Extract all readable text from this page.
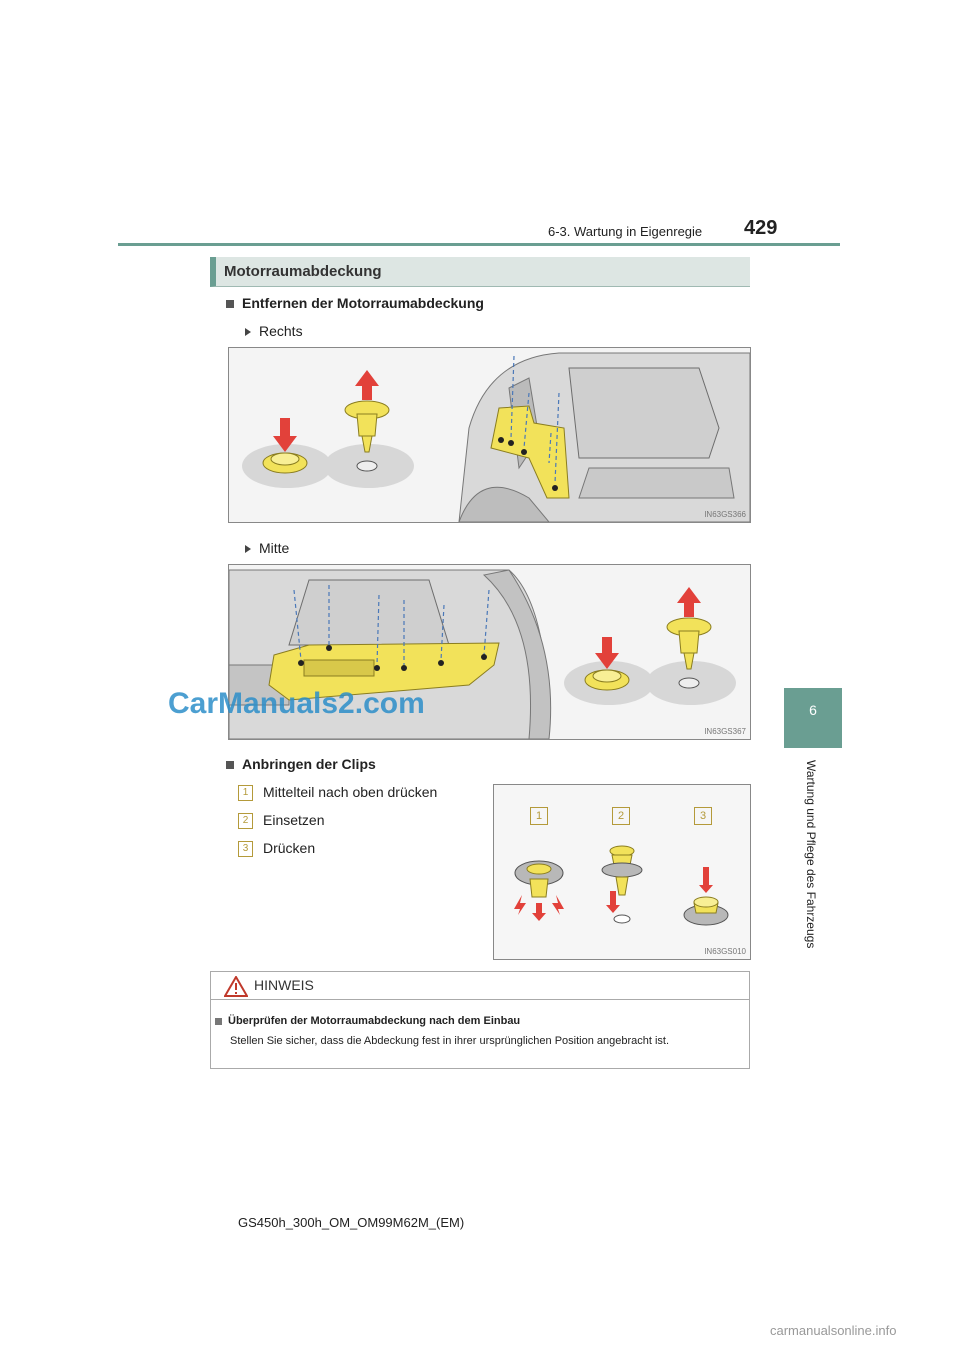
6-3. Wartung in Eigenregie 429
6
Wartung und Pflege des Fahrzeugs
Motorraumabdeckung
Entfernen der Motorraumabdeckung
Rechts
IN63GS366
Mitte
IN63GS367
CarManuals2.com
Anbringen der Clips
1 Mittelteil nach oben drücken
2 Einsetzen
3 Drücken
1	2	3
IN63GS010
HINWEIS
Überprüfen der Motorraumabdeckung nach dem Einbau
Stellen Sie sicher, dass die Abdeckung fest in ihrer ursprünglichen Position angebracht ist.
GS450h_300h_OM_OM99M62M_(EM)
carmanualsonline.info
